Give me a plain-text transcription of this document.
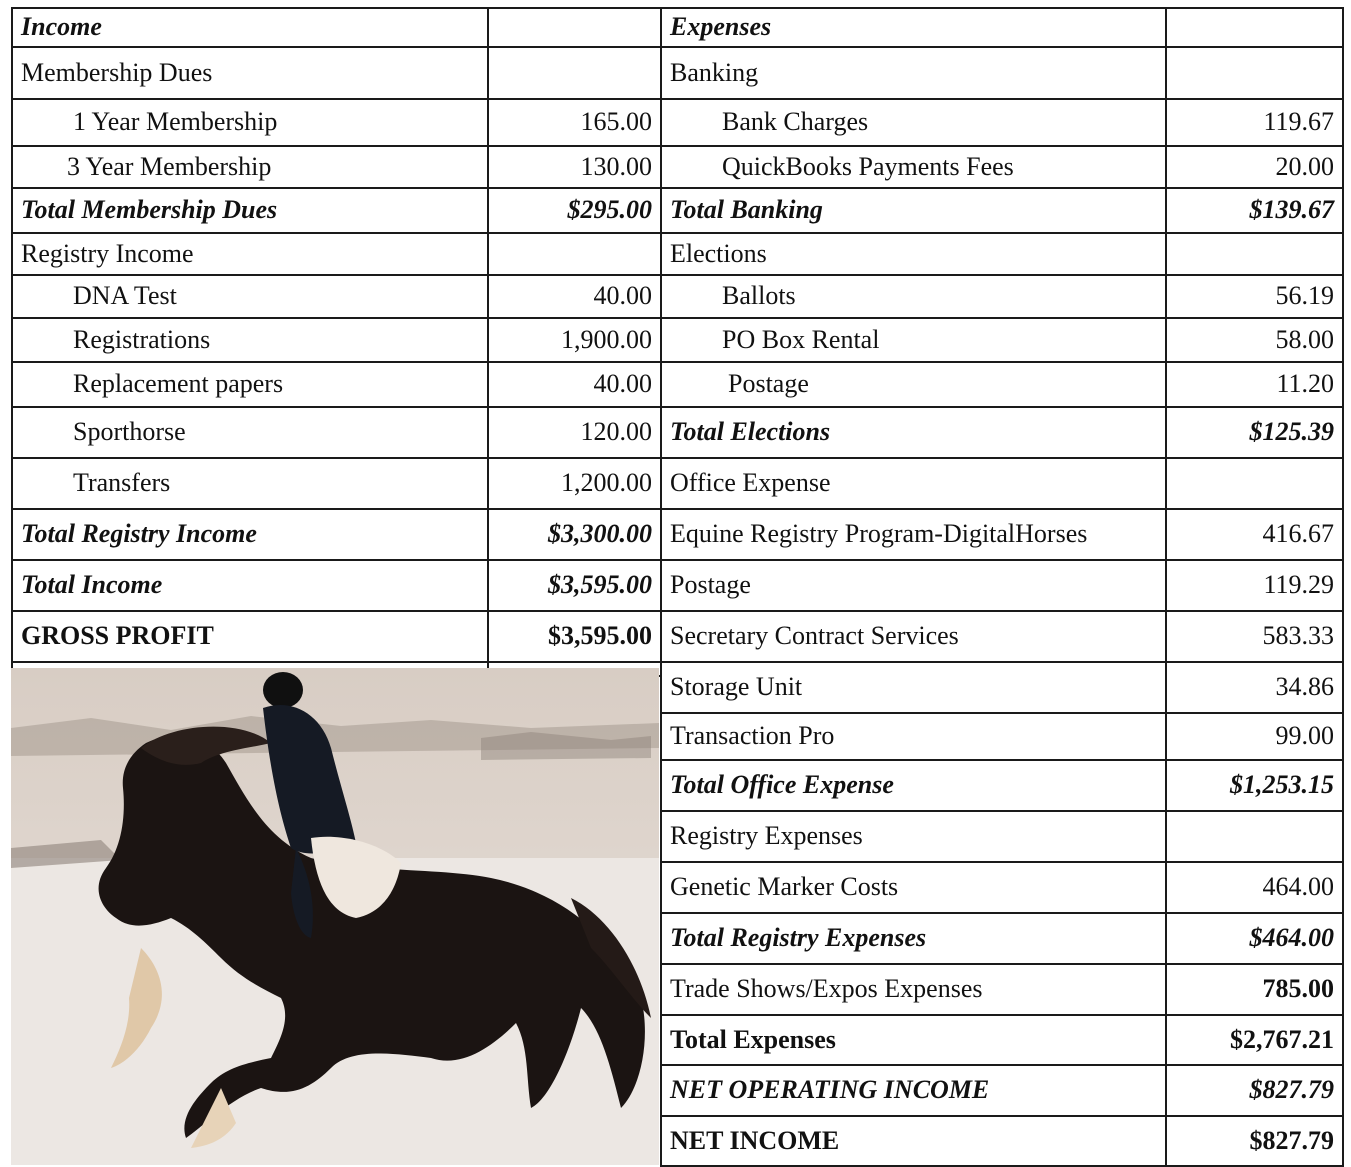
Income	
Membership Dues	
1 Year Membership	165.00
3 Year Membership	130.00
Total Membership Dues	$295.00
Registry Income	
DNA Test	40.00
Registrations	1,900.00
Replacement papers	40.00
Sporthorse	120.00
Transfers	1,200.00
Total Registry Income	$3,300.00
Total Income	$3,595.00
GROSS PROFIT	$3,595.00

Expenses	
Banking	
Bank Charges	119.67
QuickBooks Payments Fees	20.00
Total Banking	$139.67
Elections	
Ballots	56.19
PO Box Rental	58.00
Postage	11.20
Total Elections	$125.39
Office Expense	
Equine Registry Program-DigitalHorses	416.67
Postage	119.29
Secretary Contract Services	583.33
Storage Unit	34.86
Transaction Pro	99.00
Total Office Expense	$1,253.15
Registry Expenses	
Genetic Marker Costs	464.00
Total Registry Expenses	$464.00
Trade Shows/Expos Expenses	785.00
Total Expenses	$2,767.21
NET OPERATING INCOME	$827.79
NET INCOME	$827.79
